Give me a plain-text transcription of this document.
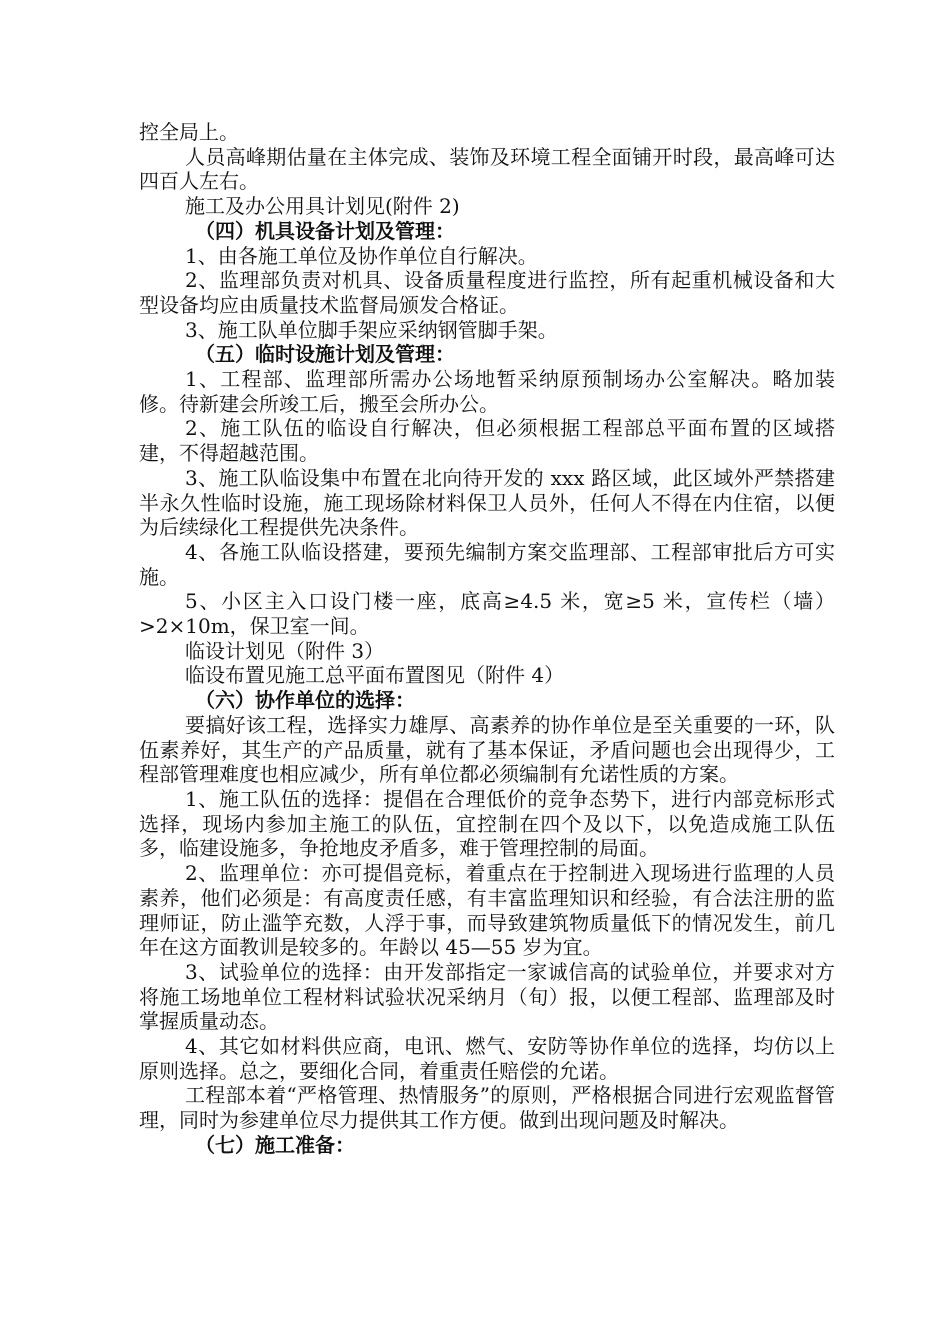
控全局上。

人员高峰期估量在主体完成、装饰及环境工程全面铺开时段，最高峰可达四百人左右。

施工及办公用具计划见(附件 2)

（四）机具设备计划及管理：

1、由各施工单位及协作单位自行解决。

2、监理部负责对机具、设备质量程度进行监控，所有起重机械设备和大型设备均应由质量技术监督局颁发合格证。

3、施工队单位脚手架应采纳钢管脚手架。

（五）临时设施计划及管理：

1、工程部、监理部所需办公场地暂采纳原预制场办公室解决。略加装修。待新建会所竣工后，搬至会所办公。

2、施工队伍的临设自行解决，但必须根据工程部总平面布置的区域搭建，不得超越范围。

3、施工队临设集中布置在北向待开发的 xxx 路区域，此区域外严禁搭建半永久性临时设施，施工现场除材料保卫人员外，任何人不得在内住宿，以便为后续绿化工程提供先决条件。

4、各施工队临设搭建，要预先编制方案交监理部、工程部审批后方可实施。

5、小区主入口设门楼一座，底高≥4.5 米，宽≥5 米，宣传栏（墙）>2×10m，保卫室一间。

临设计划见（附件 3）

临设布置见施工总平面布置图见（附件 4）

（六）协作单位的选择：

要搞好该工程，选择实力雄厚、高素养的协作单位是至关重要的一环，队伍素养好，其生产的产品质量，就有了基本保证，矛盾问题也会出现得少，工程部管理难度也相应减少，所有单位都必须编制有允诺性质的方案。

1、施工队伍的选择：提倡在合理低价的竞争态势下，进行内部竞标形式选择，现场内参加主施工的队伍，宜控制在四个及以下，以免造成施工队伍多，临建设施多，争抢地皮矛盾多，难于管理控制的局面。

2、监理单位：亦可提倡竞标，着重点在于控制进入现场进行监理的人员素养，他们必须是：有高度责任感，有丰富监理知识和经验，有合法注册的监理师证，防止滥竽充数，人浮于事，而导致建筑物质量低下的情况发生，前几年在这方面教训是较多的。年龄以 45—55 岁为宜。

3、试验单位的选择：由开发部指定一家诚信高的试验单位，并要求对方将施工场地单位工程材料试验状况采纳月（旬）报，以便工程部、监理部及时掌握质量动态。

4、其它如材料供应商，电讯、燃气、安防等协作单位的选择，均仿以上原则选择。总之，要细化合同，着重责任赔偿的允诺。

工程部本着“严格管理、热情服务”的原则，严格根据合同进行宏观监督管理，同时为参建单位尽力提供其工作方便。做到出现问题及时解决。

（七）施工准备：
